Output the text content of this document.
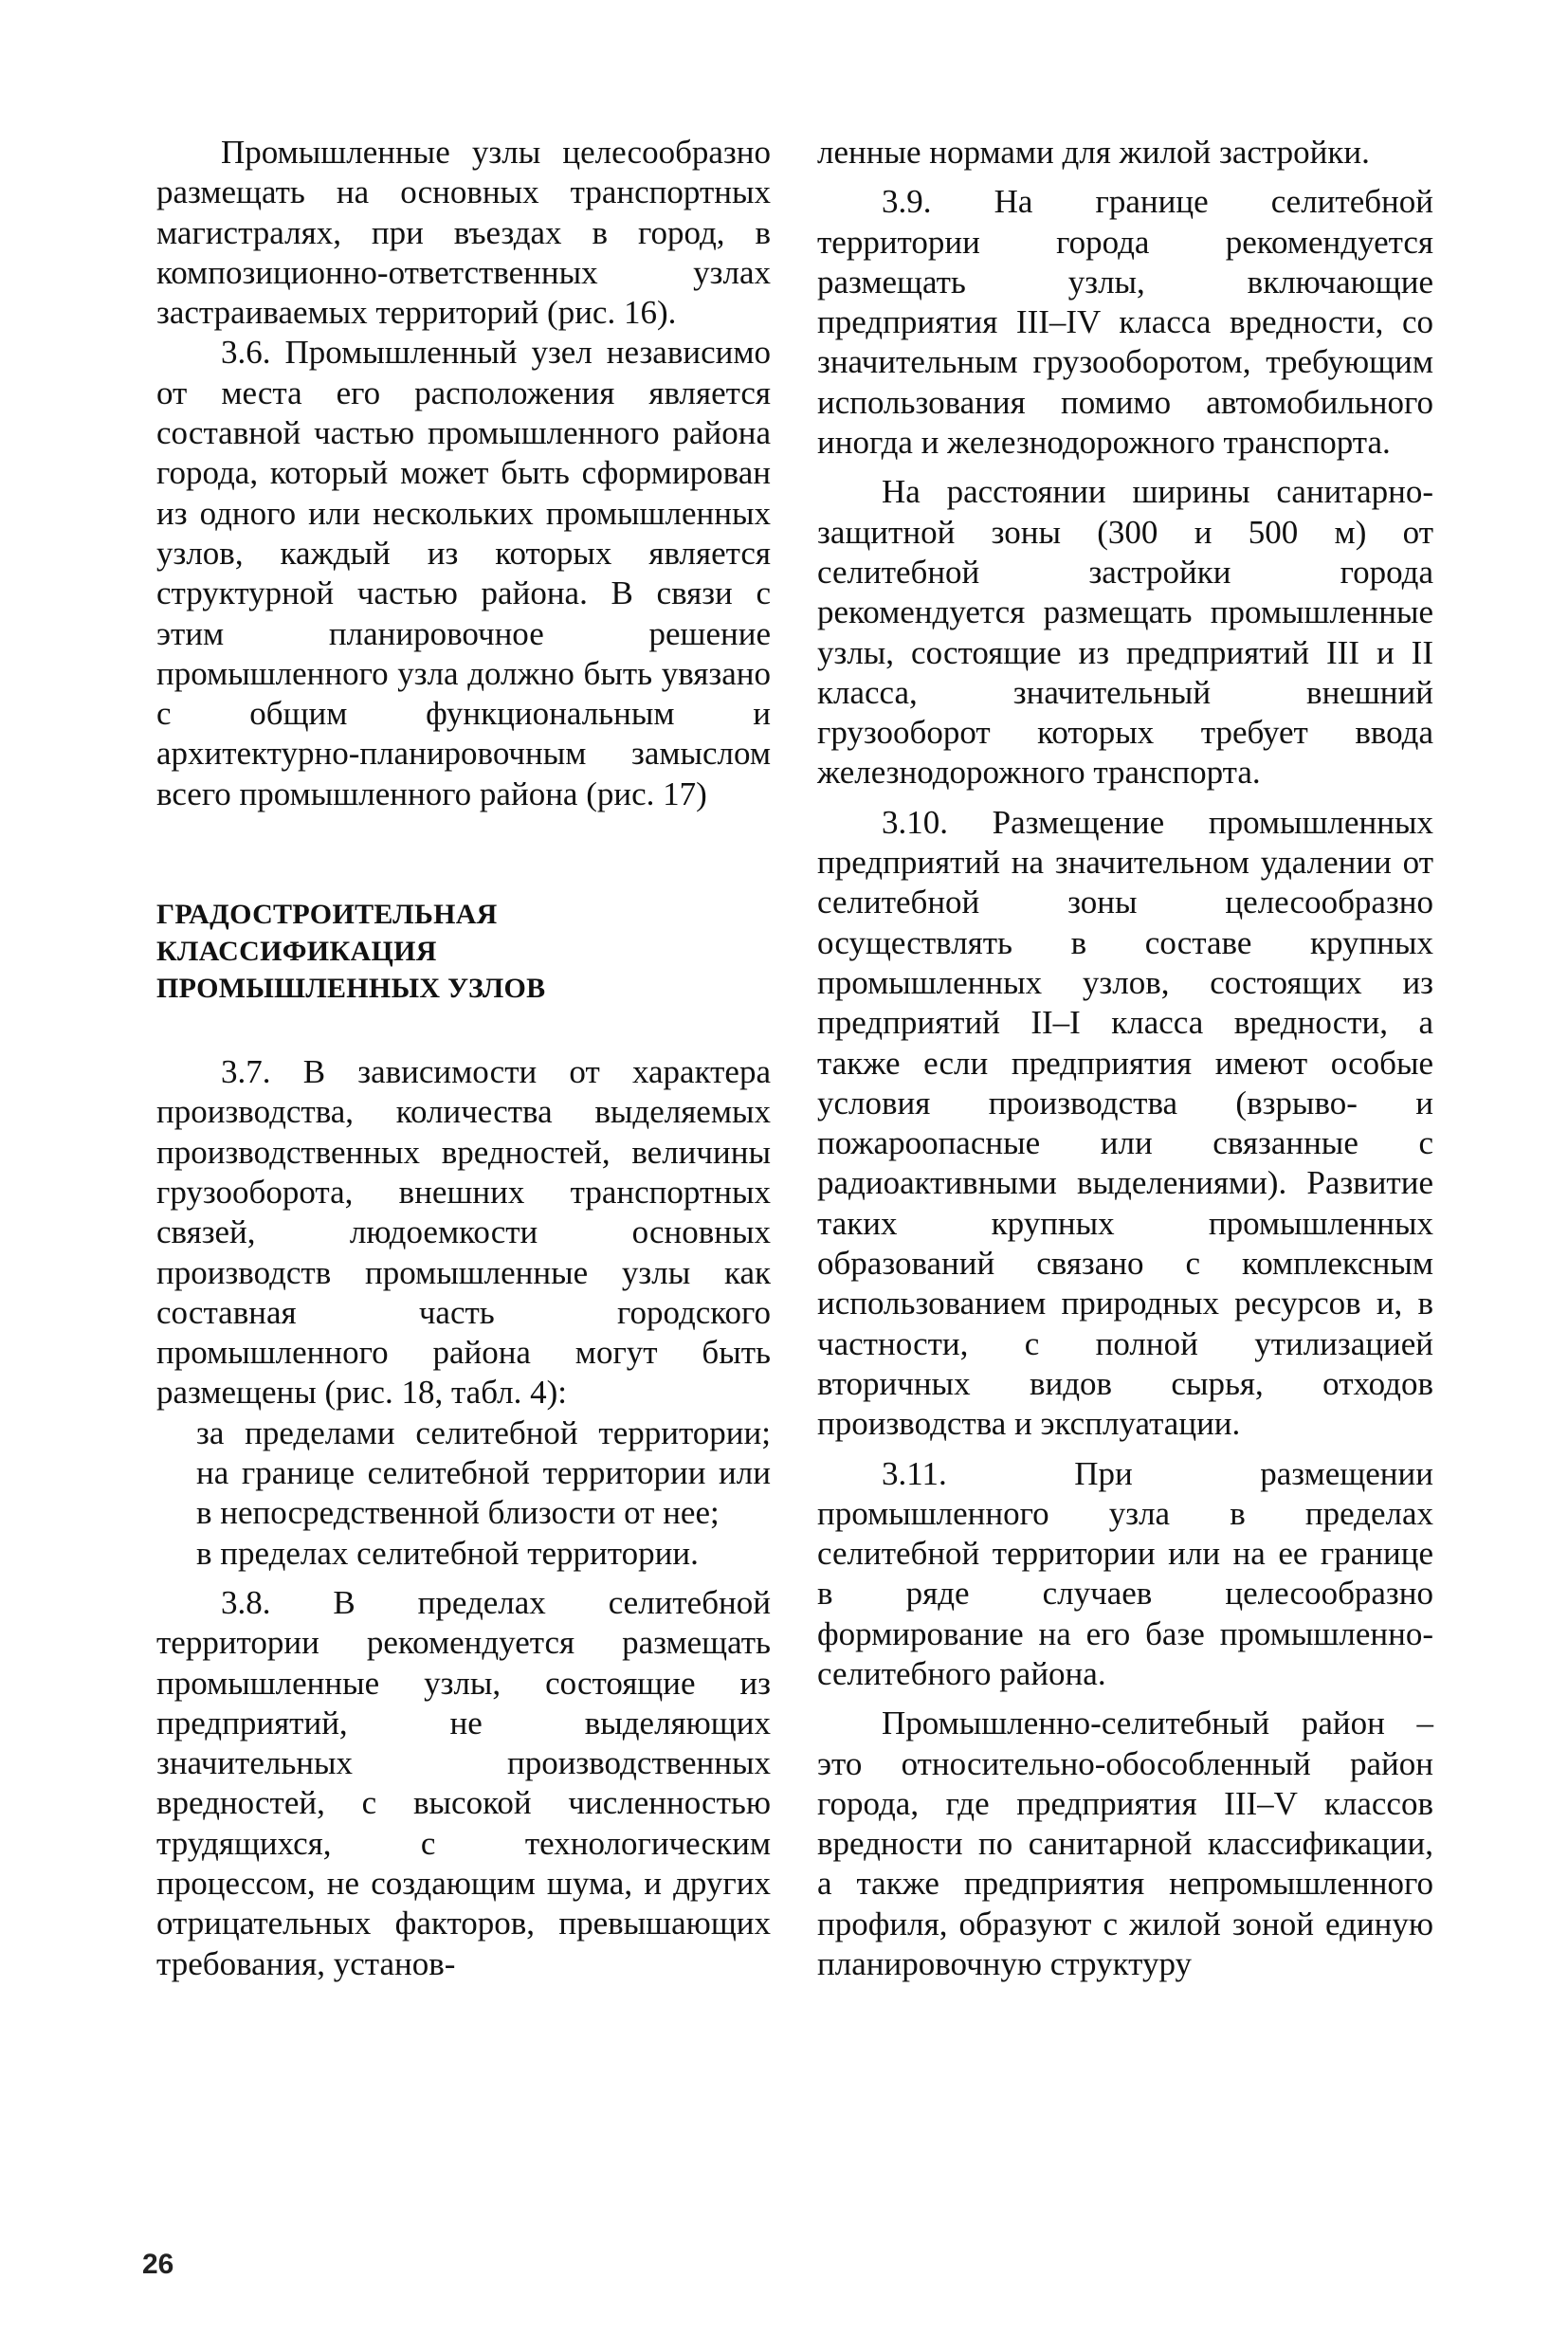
Промышленные узлы целесообразно размещать на основных транспортных магистралях, при въездах в город, в композиционно-ответственных узлах застраиваемых территорий (рис. 16).

3.6. Промышленный узел независимо от места его расположения является составной частью промышленного района города, который может быть сформирован из одного или нескольких промышленных узлов, каждый из которых является структурной частью района. В связи с этим планировочное решение промышленного узла должно быть увязано с общим функциональным и архитектурно-планировочным замыслом всего промышленного района (рис. 17)

ГРАДОСТРОИТЕЛЬНАЯ
КЛАССИФИКАЦИЯ
ПРОМЫШЛЕННЫХ УЗЛОВ

3.7. В зависимости от характера производства, количества выделяемых производственных вредностей, величины грузооборота, внешних транспортных связей, людоемкости основных производств промышленные узлы как составная часть городского промышленного района могут быть размещены (рис. 18, табл. 4):

за пределами селитебной территории; на границе селитебной территории или в непосредственной близости от нее;

в пределах селитебной территории.

3.8. В пределах селитебной территории рекомендуется размещать промышленные узлы, состоящие из предприятий, не выделяющих значительных производственных вредностей, с высокой численностью трудящихся, с технологическим процессом, не создающим шума, и других отрицательных факторов, превышающих требования, установ-

ленные нормами для жилой застройки.

3.9. На границе селитебной территории города рекомендуется размещать узлы, включающие предприятия III–IV класса вредности, со значительным грузооборотом, требующим использования помимо автомобильного иногда и железнодорожного транспорта.

На расстоянии ширины санитарно-защитной зоны (300 и 500 м) от селитебной застройки города рекомендуется размещать промышленные узлы, состоящие из предприятий III и II класса, значительный внешний грузооборот которых требует ввода железнодорожного транспорта.

3.10. Размещение промышленных предприятий на значительном удалении от селитебной зоны целесообразно осуществлять в составе крупных промышленных узлов, состоящих из предприятий II–I класса вредности, а также если предприятия имеют особые условия производства (взрыво- и пожароопасные или связанные с радиоактивными выделениями). Развитие таких крупных промышленных образований связано с комплексным использованием природных ресурсов и, в частности, с полной утилизацией вторичных видов сырья, отходов производства и эксплуатации.

3.11. При размещении промышленного узла в пределах селитебной территории или на ее границе в ряде случаев целесообразно формирование на его базе промышленно-селитебного района.

Промышленно-селитебный район – это относительно-обособленный район города, где предприятия III–V классов вредности по санитарной классификации, а также предприятия непромышленного профиля, образуют с жилой зоной единую планировочную структуру

26
